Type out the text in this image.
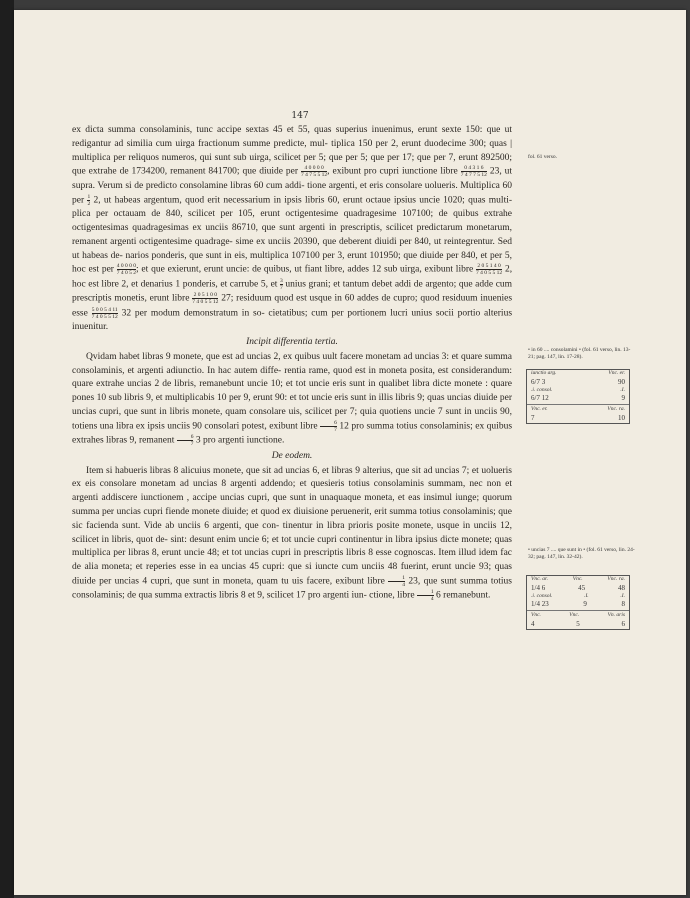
147

ex dicta summa consolaminis, tunc accipe sextas 45 et 55, quas superius inuenimus, erunt sexte 150: que ut redigantur ad similia cum uirga fractionum summe predicte, mul- tiplica 150 per 2, erunt duodecime 300; quas | multiplica per reliquos numeros, qui sunt sub uirga, scilicet per 5; que per 5; que per 17; que per 7, erunt 892500; que extrahe de 1734200, remanent 841700; que diuide per $\frac{4 0 0 0 0}{7 4 7 5 5 12}$ , exibunt pro cupri iunctione libre $\frac{0 4 3 1 6}{7 4 7 7 5 12} 23$, ut supra. Verum si de predicto consolamine libras 60 cum addi- tione argenti, et eris consolare uolueris. Multiplica 60 per $\frac{1}{2} 2$, ut habeas argentum, quod erit necessarium in ipsis libris 60, erunt octaue ipsius uncie 1020; quas multi- plica per octauam de 840, scilicet per 105, erunt octigentesime quadragesime 107100; de quibus extrahe octigentesimas quadragesimas ex unciis 86710, que sunt argenti in prescriptis, scilicet predictarum monetarum, remanent argenti octigentesime quadrage- sime ex unciis 20390, que deberent diuidi per 840, ut reintegrentur. Sed ut habeas de- narios ponderis, que sunt in eis, multiplica 107100 per 3, erunt 101950; que diuide per 840, et per 5, hoc est per $\frac{4 0 0 0 0}{7 4 0 5 2}$ ; et que exierunt, erunt uncie: de quibus, ut fiant libre, addes 12 sub uirga, exibunt libre $\frac{2 0 5 1 4 0}{7 4 0 5 5 12} 2$, hoc est libre 2, et denarius 1 ponderis, et carrube 5, et $\frac{3}{7}$ unius grani; et tantum debet addi de argento; que adde cum prescriptis monetis, erunt libre $\frac{2 0 5 1 0 0}{7 4 0 5 5 12} 27$; residuum quod est usque in 60 addes de cupro; quod residuum inuenies esse $\frac{5 0 0 5 4 11}{7 4 0 5 5 12} 32$ per modum demonstratum in so- cietatibus; cum per portionem lucri unius socii portio alterius inuenitur.

Incipit differentia tertia.

Qvidam habet libras 9 monete, que est ad uncias 2, ex quibus uult facere monetam ad uncias 3: et quare summa consolaminis, et argenti adiunctio. In hac autem diffe- rentia rame, quod est in moneta posita, est considerandum: quare extrahe uncias 2 de libris, remanebunt uncie 10; et tot uncie eris sunt in qualibet libra dicte monete : quare pones 10 sub libris 9, et multiplicabis 10 per 9, erunt 90: et tot uncie eris sunt in illis libris 9; quas uncias diuide per uncias cupri, que sunt in libris monete, quam consolare uis, scilicet per 7; quia quotiens uncie 7 sunt in unciis 90, totiens una libra ex ipsis unciis 90 consolari potest, exibunt libre $\frac{6}{7} 12$ pro summa totius consolaminis; ex quibus extrahes libras 9, remanent $\frac{6}{7} 3$ pro argenti iunctione.

De eodem.

Item si habueris libras 8 alicuius monete, que sit ad uncias 6, et libras 9 alterius, que sit ad uncias 7; et uolueris ex eis consolare monetam ad uncias 8 argenti addendo; et quesieris totius consolaminis summam, nec non et argenti addiscere iunctionem , accipe uncias cupri, que sunt in unaquaque moneta, et eas insimul iunge; quorum summa per uncias cupri fiende monete diuide; et quod ex diuisione peruenerit, erit summa totius consolaminis; que sic facienda sunt. Vide ab unciis 6 argenti, que con- tinentur in libra prioris posite monete, usque in unciis 12, scilicet in libris, quot de- sint: desunt enim uncie 6; et tot uncie cupri continentur in libra ipsius dicte monete; quas multiplica per libras 8, erunt uncie 48; et tot uncias cupri in prescriptis libris 8 esse cognoscas. Item illud idem fac de alia moneta; et reperies esse in ea uncias 45 cupri: que si iuncte cum unciis 48 fuerint, erunt uncie 93; quas diuide per uncias 4 cupri, que sunt in moneta, quam tu uis facere, exibunt libre $\frac{1}{4} 23$, que sunt summa totius consolaminis; de qua summa extractis libris 8 et 9, scilicet 17 pro argenti iun- ctione, libre $\frac{1}{4} 6$ remanebunt.

fol. 61 verso.
• in 60 .... consolamini • (fol. 61 verso, lin. 13-21; pag. 147, lin. 17-28).
iunctio arg.	Vnc. er.
6/7 3	90
.i. consol.	.I.
6/7 12	9
Vnc. er.	Vnc. ra.
7	10
• uncias 7 .... que sunt in • (fol. 61 verso, lin. 24-32; pag. 147, lin. 32-42).
Vnc. ar.	Vnc.	Vnc. ra.
1/4 6	45	48
.i. consol.	.I.	.I.
1/4 23	9	8
Vnc.	Vnc.	Vn. aris
4	5	6
